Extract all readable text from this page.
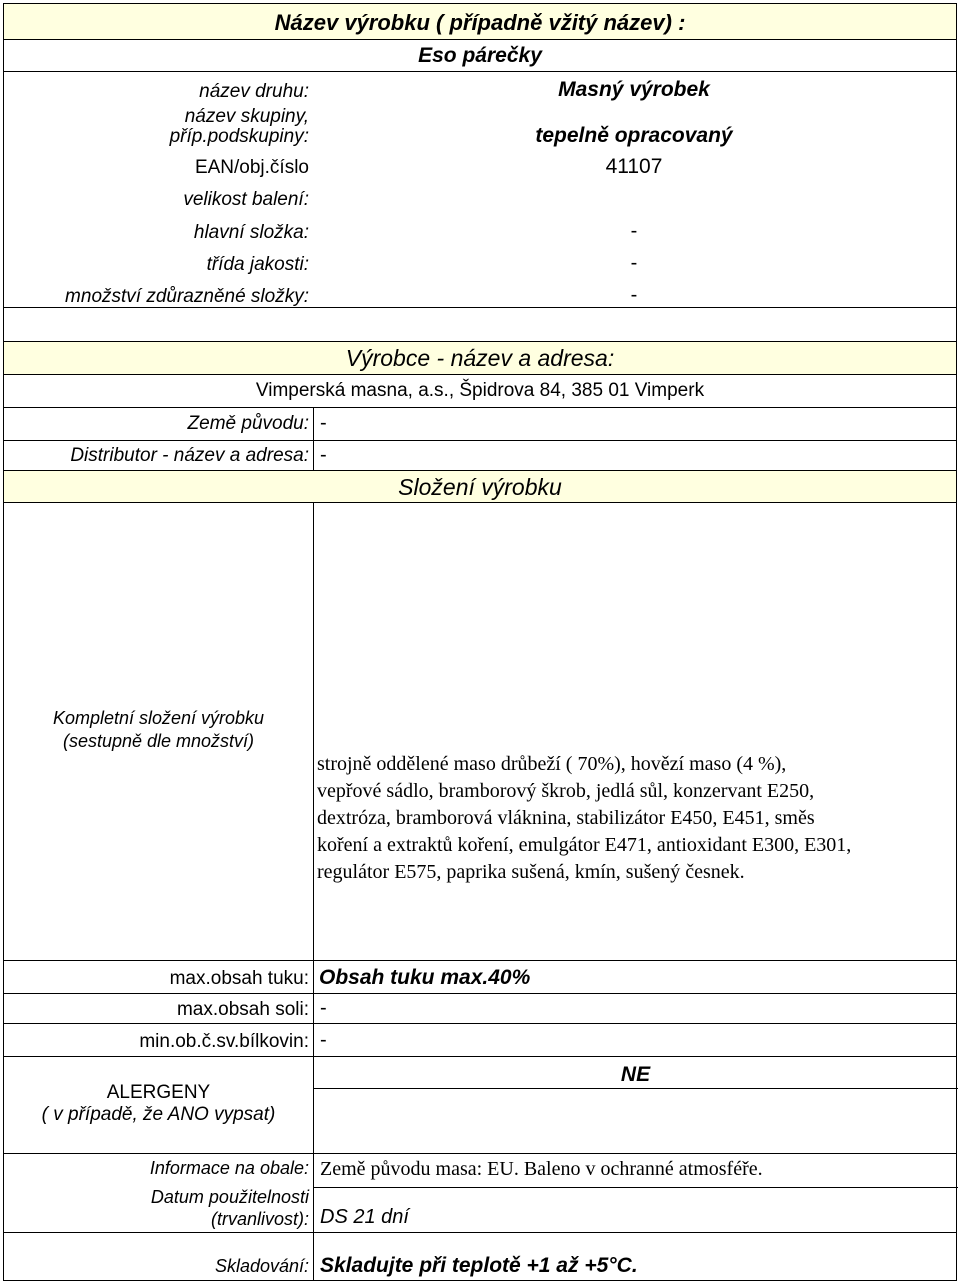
Název výrobku ( případně vžitý název) :
Eso párečky
název druhu:	Masný výrobek
název skupiny,
příp.podskupiny:	tepelně opracovaný
EAN/obj.číslo	41107
velikost balení:
hlavní složka:	-
třída jakosti:	-
množství zdůrazněné složky:	-
Výrobce - název a adresa:
Vimperská masna, a.s., Špidrova 84, 385 01 Vimperk
Země původu: -
Distributor - název a adresa: -
Složení výrobku
Kompletní složení výrobku
(sestupně dle množství)
strojně oddělené maso drůbeží ( 70%), hovězí maso (4 %),
vepřové sádlo, bramborový škrob, jedlá sůl, konzervant E250,
dextróza, bramborová vláknina, stabilizátor E450, E451, směs
koření a extraktů koření, emulgátor E471, antioxidant E300, E301,
regulátor E575, paprika sušená, kmín, sušený česnek.
max.obsah tuku: Obsah tuku max.40%
max.obsah soli: -
min.ob.č.sv.bílkovin: -
ALERGENY
( v případě, že ANO vypsat)
NE
Informace na obale: Země původu masa: EU. Baleno v ochranné atmosféře.
Datum použitelnosti
(trvanlivost): DS 21 dní
Skladování: Skladujte při teplotě +1 až +5°C.
